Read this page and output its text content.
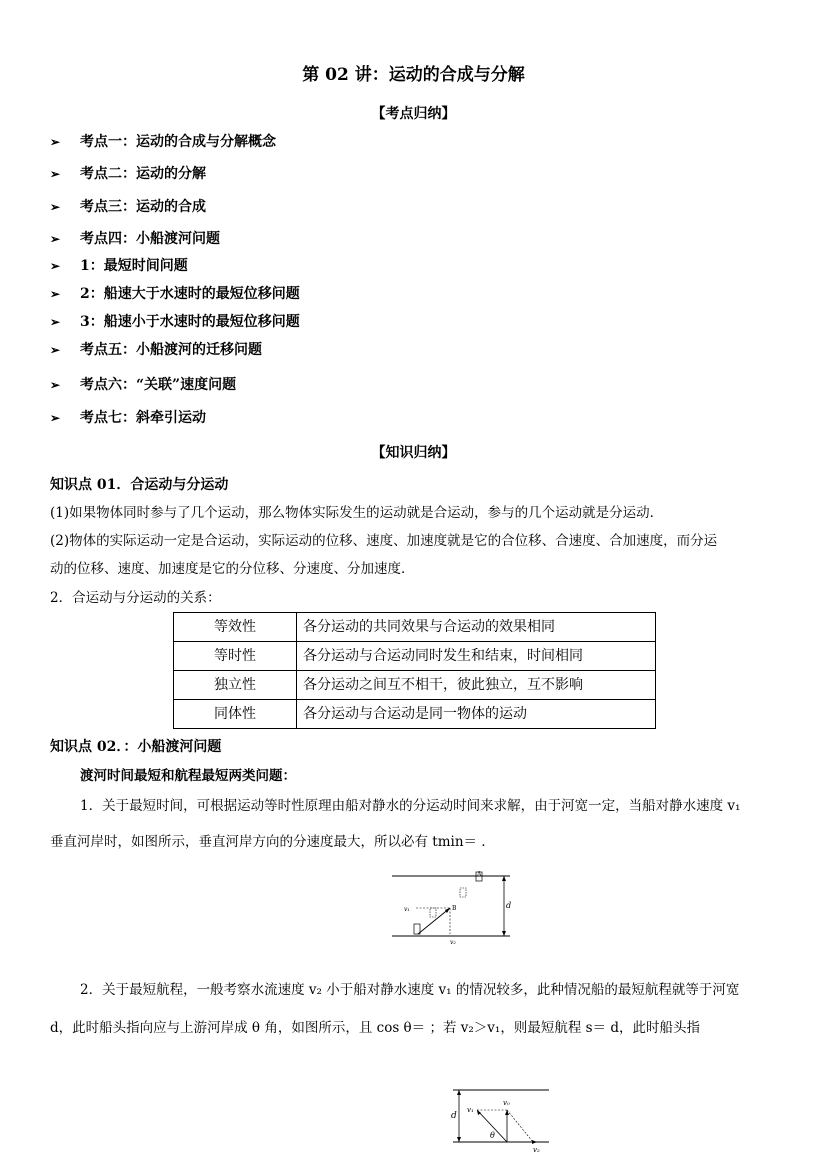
第 02 讲：运动的合成与分解
【考点归纳】
➢ 考点一：运动的合成与分解概念
➢ 考点二：运动的分解
➢ 考点三：运动的合成
➢ 考点四：小船渡河问题
➢ 1：最短时间问题
➢ 2：船速大于水速时的最短位移问题
➢ 3：船速小于水速时的最短位移问题
➢ 考点五：小船渡河的迁移问题
➢ 考点六：“关联”速度问题
➢ 考点七：斜牵引运动
【知识归纳】
知识点 01．合运动与分运动
(1)如果物体同时参与了几个运动，那么物体实际发生的运动就是合运动，参与的几个运动就是分运动．
(2)物体的实际运动一定是合运动，实际运动的位移、速度、加速度就是它的合位移、合速度、合加速度，而分运
动的位移、速度、加速度是它的分位移、分速度、分加速度．
2．合运动与分运动的关系：
等效性	各分运动的共同效果与合运动的效果相同
等时性	各分运动与合运动同时发生和结束，时间相同
独立性	各分运动之间互不相干，彼此独立，互不影响
同体性	各分运动与合运动是同一物体的运动
知识点 02．：小船渡河问题
渡河时间最短和航程最短两类问题：
1．关于最短时间，可根据运动等时性原理由船对静水的分运动时间来求解，由于河宽一定，当船对静水速度 v₁
垂直河岸时，如图所示，垂直河岸方向的分速度最大，所以必有 tmin＝ ．
d
A
v₁	B
v₂
2．关于最短航程，一般考察水流速度 v₂ 小于船对静水速度 v₁ 的情况较多，此种情况船的最短航程就等于河宽
d，此时船头指向应与上游河岸成 θ 角，如图所示，且 cos θ＝ ；若 v₂＞v₁，则最短航程 s＝ d，此时船头指
d
v₁
v₀
θ
v₂
